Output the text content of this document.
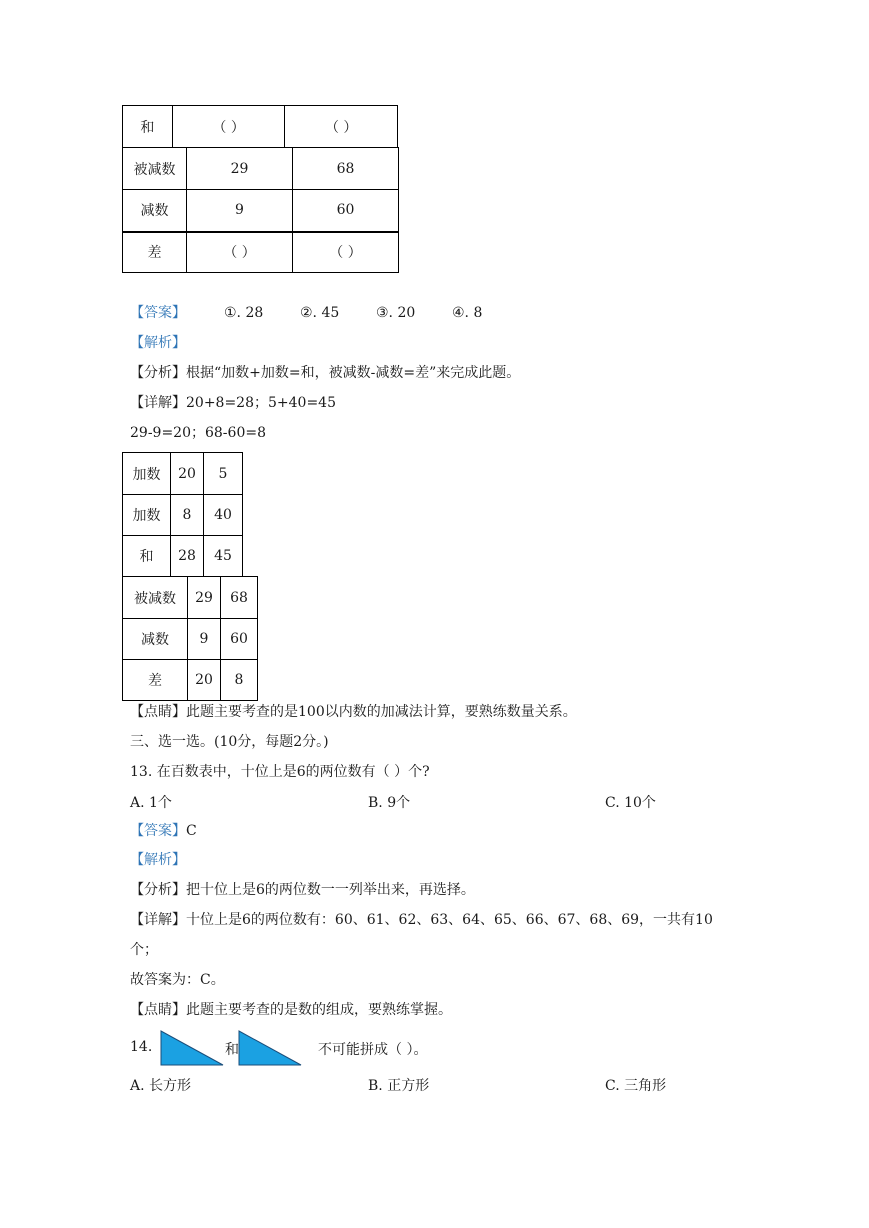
和	（ ）	（ ）
被减数	29	68
减数	9	60
差	（ ）	（ ）
【答案】	①. 28	②. 45	③. 20	④. 8
【解析】
【分析】根据“加数+加数=和，被减数-减数=差”来完成此题。
【详解】20+8=28；5+40=45
29-9=20；68-60=8
加数	20	5
加数	8	40
和	28	45
被减数	29	68
减数	9	60
差	20	8
【点睛】此题主要考查的是100以内数的加减法计算，要熟练数量关系。
三、选一选。(10分，每题2分。)
13. 在百数表中，十位上是6的两位数有（ ）个?
A. 1个	B. 9个	C. 10个
【答案】C
【解析】
【分析】把十位上是6的两位数一一列举出来，再选择。
【详解】十位上是6的两位数有：60、61、62、63、64、65、66、67、68、69，一共有10
个；
故答案为：C。
【点睛】此题主要考查的是数的组成，要熟练掌握。
14.	和	不可能拼成（ ）。
A. 长方形	B. 正方形	C. 三角形
